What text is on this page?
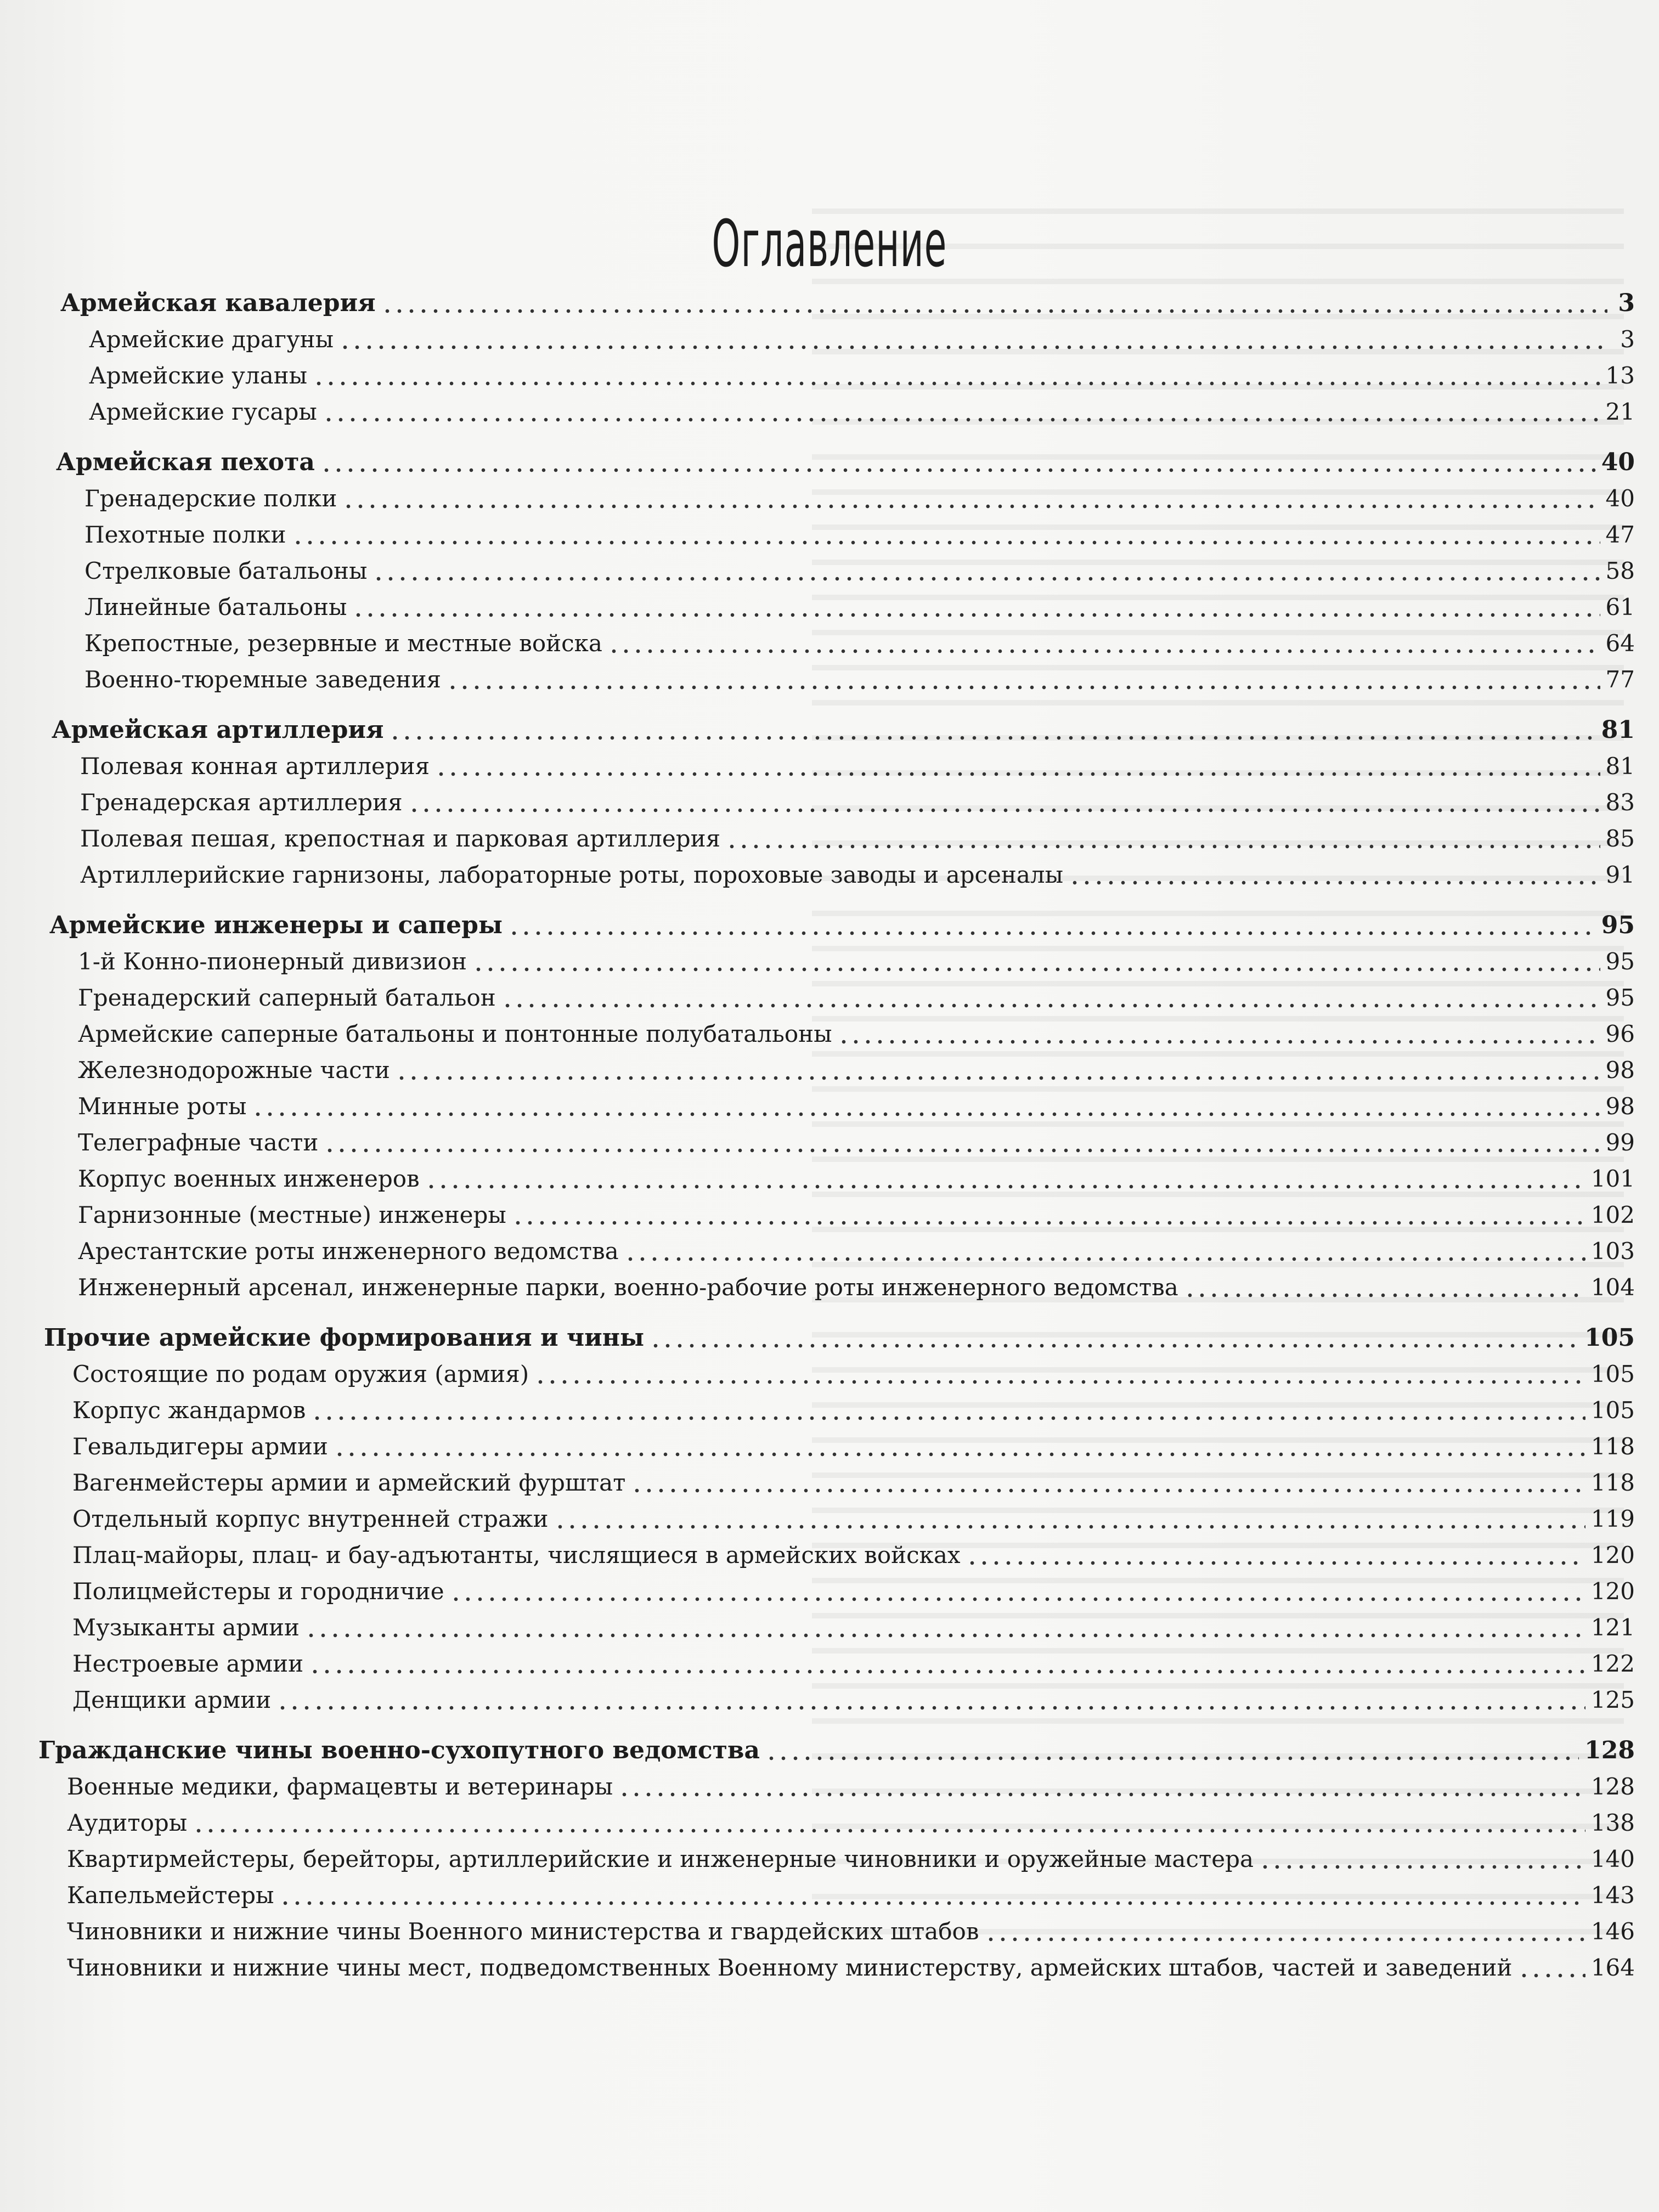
Оглавление
Армейская кавалерия	3
Армейские драгуны	3
Армейские уланы	13
Армейские гусары	21
Армейская пехота	40
Гренадерские полки	40
Пехотные полки	47
Стрелковые батальоны	58
Линейные батальоны	61
Крепостные, резервные и местные войска	64
Военно-тюремные заведения	77
Армейская артиллерия	81
Полевая конная артиллерия	81
Гренадерская артиллерия	83
Полевая пешая, крепостная и парковая артиллерия	85
Артиллерийские гарнизоны, лабораторные роты, пороховые заводы и арсеналы	91
Армейские инженеры и саперы	95
1-й Конно-пионерный дивизион	95
Гренадерский саперный батальон	95
Армейские саперные батальоны и понтонные полубатальоны	96
Железнодорожные части	98
Минные роты	98
Телеграфные части	99
Корпус военных инженеров	101
Гарнизонные (местные) инженеры	102
Арестантские роты инженерного ведомства	103
Инженерный арсенал, инженерные парки, военно-рабочие роты инженерного ведомства	104
Прочие армейские формирования и чины	105
Состоящие по родам оружия (армия)	105
Корпус жандармов	105
Гевальдигеры армии	118
Вагенмейстеры армии и армейский фурштат	118
Отдельный корпус внутренней стражи	119
Плац-майоры, плац- и бау-адъютанты, числящиеся в армейских войсках	120
Полицмейстеры и городничие	120
Музыканты армии	121
Нестроевые армии	122
Денщики армии	125
Гражданские чины военно-сухопутного ведомства	128
Военные медики, фармацевты и ветеринары	128
Аудиторы	138
Квартирмейстеры, берейторы, артиллерийские и инженерные чиновники и оружейные мастера	140
Капельмейстеры	143
Чиновники и нижние чины Военного министерства и гвардейских штабов	146
Чиновники и нижние чины мест, подведомственных Военному министерству, армейских штабов, частей и заведений	164
